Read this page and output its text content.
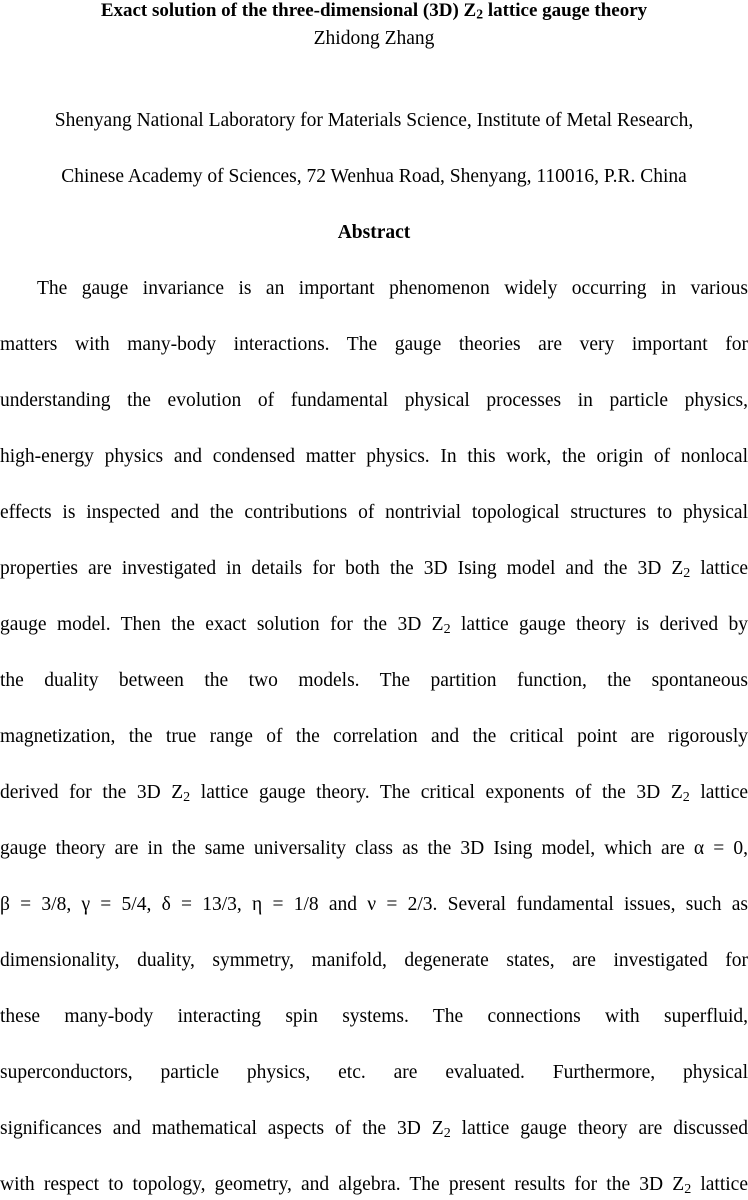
Exact solution of the three-dimensional (3D) $Z_2$ lattice gauge theory
Zhidong Zhang
Shenyang National Laboratory for Materials Science, Institute of Metal Research,
Chinese Academy of Sciences, 72 Wenhua Road, Shenyang, 110016, P.R. China
Abstract
The gauge invariance is an important phenomenon widely occurring in various
matters with many-body interactions. The gauge theories are very important for
understanding the evolution of fundamental physical processes in particle physics,
high-energy physics and condensed matter physics. In this work, the origin of nonlocal
effects is inspected and the contributions of nontrivial topological structures to physical
properties are investigated in details for both the 3D Ising model and the 3D $Z_2$ lattice
gauge model. Then the exact solution for the 3D $Z_2$ lattice gauge theory is derived by
the duality between the two models. The partition function, the spontaneous
magnetization, the true range of the correlation and the critical point are rigorously
derived for the 3D $Z_2$ lattice gauge theory. The critical exponents of the 3D $Z_2$ lattice
gauge theory are in the same universality class as the 3D Ising model, which are α = 0,
β = 3/8, γ = 5/4, δ = 13/3, η = 1/8 and ν = 2/3. Several fundamental issues, such as
dimensionality, duality, symmetry, manifold, degenerate states, are investigated for
these many-body interacting spin systems. The connections with superfluid,
superconductors, particle physics, etc. are evaluated. Furthermore, physical
significances and mathematical aspects of the 3D $Z_2$ lattice gauge theory are discussed
with respect to topology, geometry, and algebra. The present results for the 3D $Z_2$ lattice
